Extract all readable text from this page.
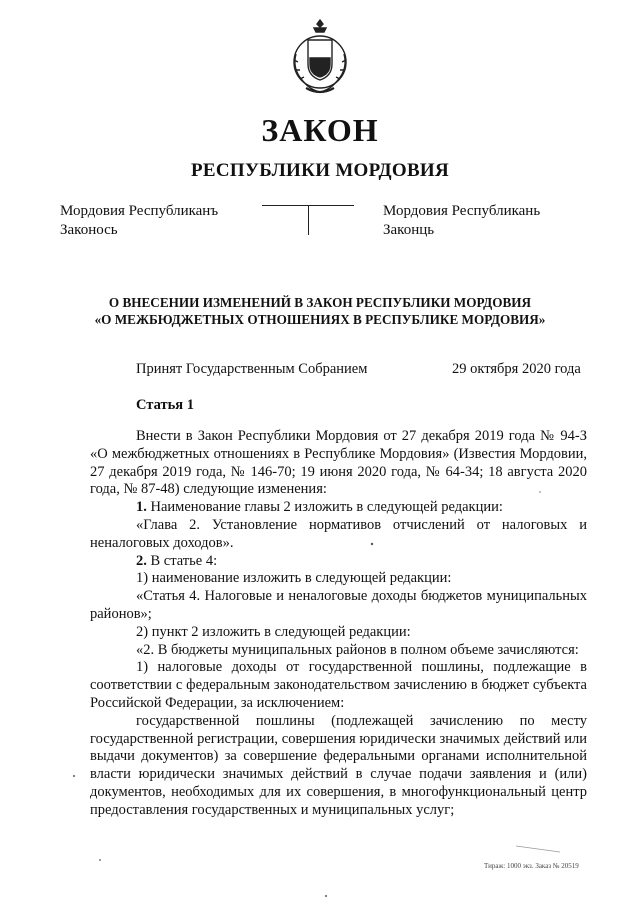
ЗАКОН
РЕСПУБЛИКИ МОРДОВИЯ
Мордовия Республиканъ
Законось
Мордовия Республикань
Законць
О ВНЕСЕНИИ ИЗМЕНЕНИЙ В ЗАКОН РЕСПУБЛИКИ МОРДОВИЯ
«О МЕЖБЮДЖЕТНЫХ ОТНОШЕНИЯХ В РЕСПУБЛИКЕ МОРДОВИЯ»
Принят Государственным Собранием	29 октября 2020 года
Статья 1

Внести в Закон Республики Мордовия от 27 декабря 2019 года № 94-З «О межбюджетных отношениях в Республике Мордовия» (Известия Мордовии, 27 декабря 2019 года, № 146-70; 19 июня 2020 года, № 64-34; 18 августа 2020 года, № 87-48) следующие изменения:

1. Наименование главы 2 изложить в следующей редакции:

«Глава 2. Установление нормативов отчислений от налоговых и неналоговых доходов».

2. В статье 4:

1) наименование изложить в следующей редакции:

«Статья 4. Налоговые и неналоговые доходы бюджетов муниципальных районов»;

2) пункт 2 изложить в следующей редакции:

«2. В бюджеты муниципальных районов в полном объеме зачисляются:

1) налоговые доходы от государственной пошлины, подлежащие в соответствии с федеральным законодательством зачислению в бюджет субъекта Российской Федерации, за исключением:

государственной пошлины (подлежащей зачислению по месту государственной регистрации, совершения юридически значимых действий или выдачи документов) за совершение федеральными органами исполнительной власти юридически значимых действий в случае подачи заявления и (или) документов, необходимых для их совершения, в многофункциональный центр предоставления государственных и муниципальных услуг;

Тираж: 1000 экз. Заказ № 20519
